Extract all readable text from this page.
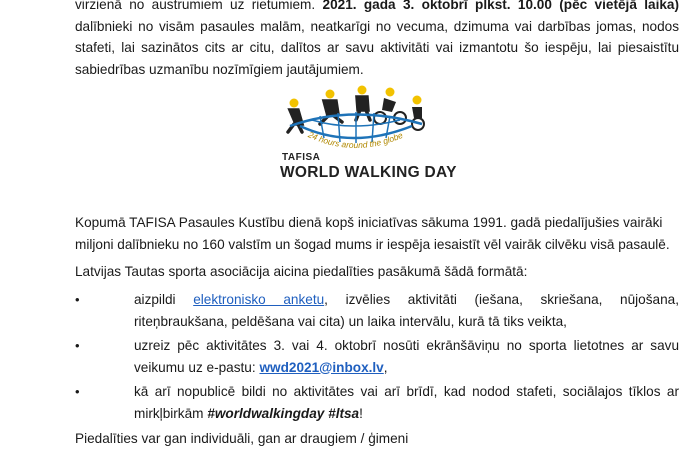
virzienā no austrumiem uz rietumiem. 2021. gada 3. oktobrī plkst. 10.00 (pēc vietējā laika) dalībnieki no visām pasaules malām, neatkarīgi no vecuma, dzimuma vai darbības jomas, nodos stafeti, lai sazinātos cits ar citu, dalītos ar savu aktivitāti vai izmantotu šo iespēju, lai piesaistītu sabiedrības uzmanību nozīmīgiem jautājumiem.

24 hours around the globe
TAFISA
WORLD WALKING DAY

Kopumā TAFISA Pasaules Kustību dienā kopš iniciatīvas sākuma 1991. gadā piedalījušies vairāki miljoni dalībnieku no 160 valstīm un šogad mums ir iespēja iesaistīt vēl vairāk cilvēku visā pasaulē.

Latvijas Tautas sporta asociācija aicina piedalīties pasākumā šādā formātā:

•	aizpildi elektronisko anketu, izvēlies aktivitāti (iešana, skriešana, nūjošana, riteņbraukšana, peldēšana vai cita) un laika intervālu, kurā tā tiks veikta,

•	uzreiz pēc aktivitātes 3. vai 4. oktobrī nosūti ekrānšāviņu no sporta lietotnes ar savu veikumu uz e-pastu: wwd2021@inbox.lv,

•	kā arī nopublicē bildi no aktivitātes vai arī brīdī, kad nodod stafeti, sociālajos tīklos ar mirkļbirkām #worldwalkingday #ltsa!

Piedalīties var gan individuāli, gan ar draugiem / ģimeni
